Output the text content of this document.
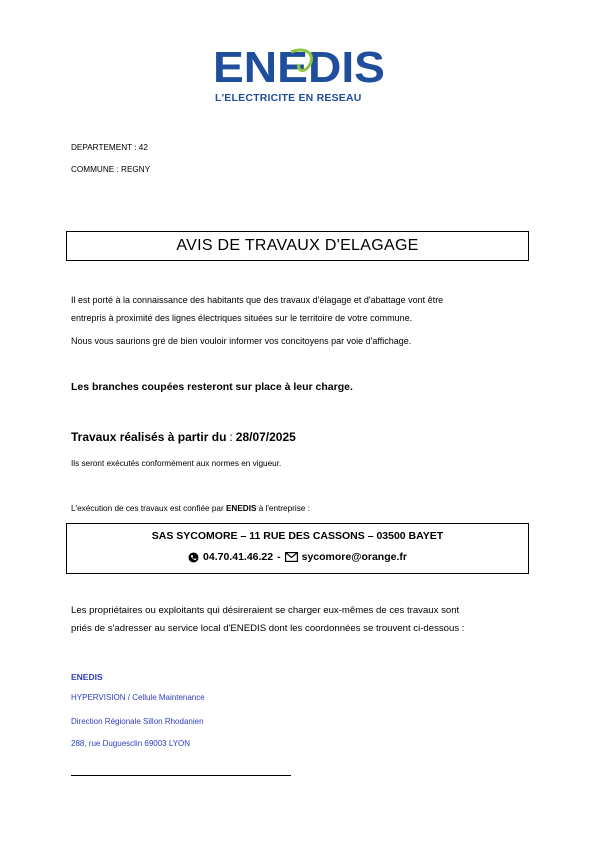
ENEDIS
L'ELECTRICITE EN RESEAU
DEPARTEMENT : 42
COMMUNE : REGNY
AVIS DE TRAVAUX D'ELAGAGE
Il est porté à la connaissance des habitants que des travaux d'élagage et d'abattage vont être
entrepris à proximité des lignes électriques situées sur le territoire de votre commune.
Nous vous saurions gré de bien vouloir informer vos concitoyens par voie d'affichage.
Les branches coupées resteront sur place à leur charge.
Travaux réalisés à partir du : 28/07/2025
Ils seront exécutés conformément aux normes en vigueur.
L'exécution de ces travaux est confiée par ENEDIS à l'entreprise :
SAS SYCOMORE – 11 RUE DES CASSONS – 03500 BAYET
04.70.41.46.22 - sycomore@orange.fr
Les propriétaires ou exploitants qui désireraient se charger eux-mêmes de ces travaux sont
priés de s'adresser au service local d'ENEDIS dont les coordonnées se trouvent ci-dessous :
ENEDIS
HYPERVISION / Cellule Maintenance
Direction Régionale Sillon Rhodanien
288, rue Duguesclin 69003 LYON
